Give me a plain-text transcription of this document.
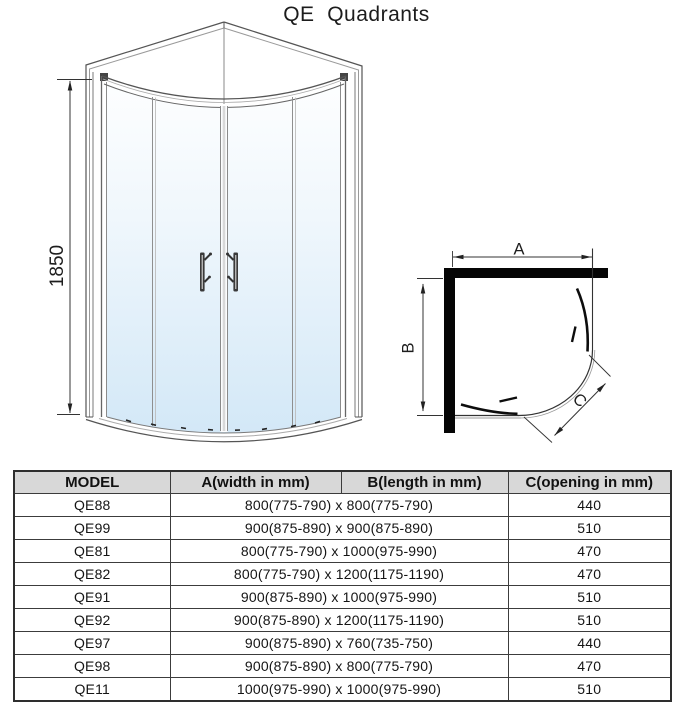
QE  Quadrants
1850	A
B
C
MODEL	A(width in mm)	B(length in mm)	C(opening in mm)
QE88	800(775-790) x 800(775-790)		440
QE99	900(875-890) x 900(875-890)		510
QE81	800(775-790) x 1000(975-990)		470
QE82	800(775-790) x 1200(1175-1190)		470
QE91	900(875-890) x 1000(975-990)		510
QE92	900(875-890) x 1200(1175-1190)		510
QE97	900(875-890) x 760(735-750)		440
QE98	900(875-890) x 800(775-790)		470
QE11	1000(975-990) x 1000(975-990)		510
